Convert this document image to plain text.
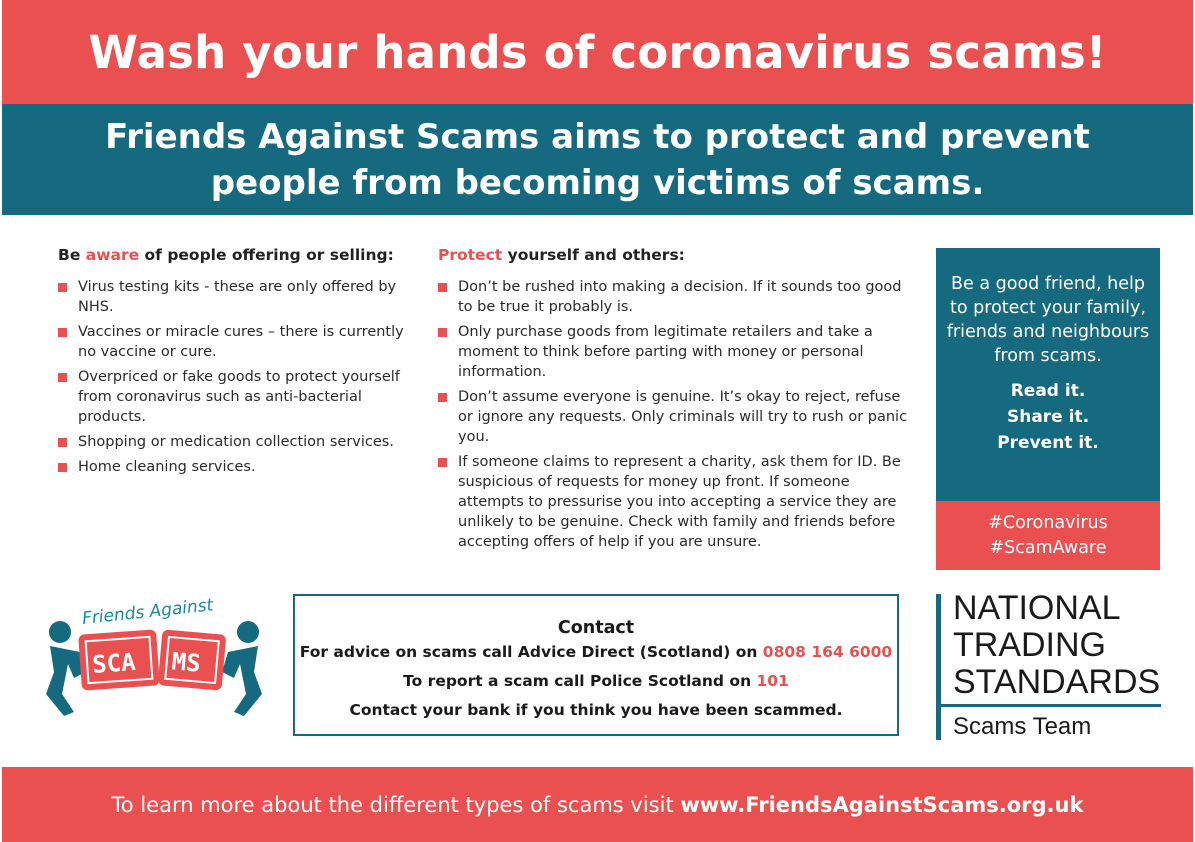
Wash your hands of coronavirus scams!
Friends Against Scams aims to protect and prevent
people from becoming victims of scams.
Be aware of people offering or selling:
Virus testing kits - these are only offered by NHS.
Vaccines or miracle cures – there is currently no vaccine or cure.
Overpriced or fake goods to protect yourself from coronavirus such as anti-bacterial products.
Shopping or medication collection services.
Home cleaning services.
Protect yourself and others:
Don’t be rushed into making a decision. If it sounds too good to be true it probably is.
Only purchase goods from legitimate retailers and take a moment to think before parting with money or personal information.
Don’t assume everyone is genuine. It’s okay to reject, refuse or ignore any requests. Only criminals will try to rush or panic you.
If someone claims to represent a charity, ask them for ID. Be suspicious of requests for money up front. If someone attempts to pressurise you into accepting a service they are unlikely to be genuine. Check with family and friends before accepting offers of help if you are unsure.
Be a good friend, help to protect your family, friends and neighbours from scams.
Read it.
Share it.
Prevent it.
#Coronavirus
#ScamAware
Friends Against
SCA MS
Contact
For advice on scams call Advice Direct (Scotland) on 0808 164 6000
To report a scam call Police Scotland on 101
Contact your bank if you think you have been scammed.
NATIONAL
TRADING
STANDARDS
Scams Team
To learn more about the different types of scams visit www.FriendsAgainstScams.org.uk
